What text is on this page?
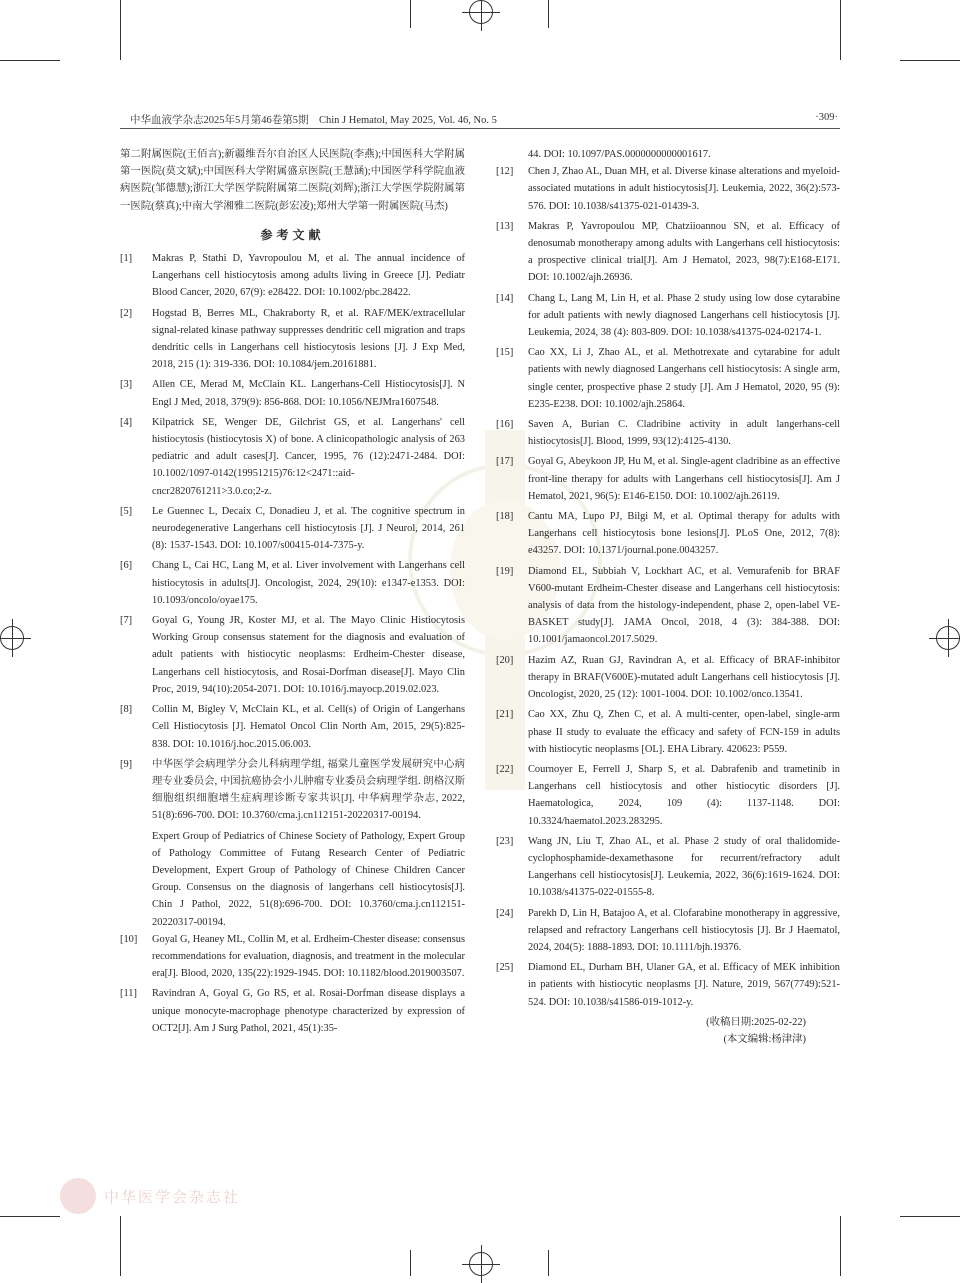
中华血液学杂志2025年5月第46卷第5期　Chin J Hematol, May 2025, Vol. 46, No. 5	·309·

第二附属医院(王佰言);新疆维吾尔自治区人民医院(李燕);中国医科大学附属第一医院(莫文斌);中国医科大学附属盛京医院(王慧涵);中国医学科学院血液病医院(邹德慧);浙江大学医学院附属第二医院(刘辉);浙江大学医学院附属第一医院(蔡真);中南大学湘雅二医院(彭宏凌);郑州大学第一附属医院(马杰)

参考文献
[1]	Makras P, Stathi D, Yavropoulou M, et al. The annual incidence of Langerhans cell histiocytosis among adults living in Greece [J]. Pediatr Blood Cancer, 2020, 67(9): e28422. DOI: 10.1002/pbc.28422.
[2]	Hogstad B, Berres ML, Chakraborty R, et al. RAF/MEK/extracellular signal-related kinase pathway suppresses dendritic cell migration and traps dendritic cells in Langerhans cell histiocytosis lesions [J]. J Exp Med, 2018, 215 (1): 319-336. DOI: 10.1084/jem.20161881.
[3]	Allen CE, Merad M, McClain KL. Langerhans-Cell Histiocytosis[J]. N Engl J Med, 2018, 379(9): 856-868. DOI: 10.1056/NEJMra1607548.
[4]	Kilpatrick SE, Wenger DE, Gilchrist GS, et al. Langerhans' cell histiocytosis (histiocytosis X) of bone. A clinicopathologic analysis of 263 pediatric and adult cases[J]. Cancer, 1995, 76 (12):2471-2484. DOI: 10.1002/1097-0142(19951215)76:12<2471::aid-cncr2820761211>3.0.co;2-z.
[5]	Le Guennec L, Decaix C, Donadieu J, et al. The cognitive spectrum in neurodegenerative Langerhans cell histiocytosis [J]. J Neurol, 2014, 261 (8): 1537-1543. DOI: 10.1007/s00415-014-7375-y.
[6]	Chang L, Cai HC, Lang M, et al. Liver involvement with Langerhans cell histiocytosis in adults[J]. Oncologist, 2024, 29(10): e1347-e1353. DOI: 10.1093/oncolo/oyae175.
[7]	Goyal G, Young JR, Koster MJ, et al. The Mayo Clinic Histiocytosis Working Group consensus statement for the diagnosis and evaluation of adult patients with histiocytic neoplasms: Erdheim-Chester disease, Langerhans cell histiocytosis, and Rosai-Dorfman disease[J]. Mayo Clin Proc, 2019, 94(10):2054-2071. DOI: 10.1016/j.mayocp.2019.02.023.
[8]	Collin M, Bigley V, McClain KL, et al. Cell(s) of Origin of Langerhans Cell Histiocytosis [J]. Hematol Oncol Clin North Am, 2015, 29(5):825-838. DOI: 10.1016/j.hoc.2015.06.003.
[9]	中华医学会病理学分会儿科病理学组, 福棠儿童医学发展研究中心病理专业委员会, 中国抗癌协会小儿肿瘤专业委员会病理学组. 朗格汉斯细胞组织细胞增生症病理诊断专家共识[J]. 中华病理学杂志, 2022, 51(8):696-700. DOI: 10.3760/cma.j.cn112151-20220317-00194.
Expert Group of Pediatrics of Chinese Society of Pathology, Expert Group of Pathology Committee of Futang Research Center of Pediatric Development, Expert Group of Pathology of Chinese Children Cancer Group. Consensus on the diagnosis of langerhans cell histiocytosis[J]. Chin J Pathol, 2022, 51(8):696-700. DOI: 10.3760/cma.j.cn112151-20220317-00194.
[10]	Goyal G, Heaney ML, Collin M, et al. Erdheim-Chester disease: consensus recommendations for evaluation, diagnosis, and treatment in the molecular era[J]. Blood, 2020, 135(22):1929-1945. DOI: 10.1182/blood.2019003507.
[11]	Ravindran A, Goyal G, Go RS, et al. Rosai-Dorfman disease displays a unique monocyte-macrophage phenotype characterized by expression of OCT2[J]. Am J Surg Pathol, 2021, 45(1):35-
44. DOI: 10.1097/PAS.0000000000001617.
[12]	Chen J, Zhao AL, Duan MH, et al. Diverse kinase alterations and myeloid-associated mutations in adult histiocytosis[J]. Leukemia, 2022, 36(2):573-576. DOI: 10.1038/s41375-021-01439-3.
[13]	Makras P, Yavropoulou MP, Chatziioannou SN, et al. Efficacy of denosumab monotherapy among adults with Langerhans cell histiocytosis: a prospective clinical trial[J]. Am J Hematol, 2023, 98(7):E168-E171. DOI: 10.1002/ajh.26936.
[14]	Chang L, Lang M, Lin H, et al. Phase 2 study using low dose cytarabine for adult patients with newly diagnosed Langerhans cell histiocytosis [J]. Leukemia, 2024, 38 (4): 803-809. DOI: 10.1038/s41375-024-02174-1.
[15]	Cao XX, Li J, Zhao AL, et al. Methotrexate and cytarabine for adult patients with newly diagnosed Langerhans cell histiocytosis: A single arm, single center, prospective phase 2 study [J]. Am J Hematol, 2020, 95 (9): E235-E238. DOI: 10.1002/ajh.25864.
[16]	Saven A, Burian C. Cladribine activity in adult langerhans-cell histiocytosis[J]. Blood, 1999, 93(12):4125-4130.
[17]	Goyal G, Abeykoon JP, Hu M, et al. Single-agent cladribine as an effective front-line therapy for adults with Langerhans cell histiocytosis[J]. Am J Hematol, 2021, 96(5): E146-E150. DOI: 10.1002/ajh.26119.
[18]	Cantu MA, Lupo PJ, Bilgi M, et al. Optimal therapy for adults with Langerhans cell histiocytosis bone lesions[J]. PLoS One, 2012, 7(8): e43257. DOI: 10.1371/journal.pone.0043257.
[19]	Diamond EL, Subbiah V, Lockhart AC, et al. Vemurafenib for BRAF V600-mutant Erdheim-Chester disease and Langerhans cell histiocytosis: analysis of data from the histology-independent, phase 2, open-label VE-BASKET study[J]. JAMA Oncol, 2018, 4 (3): 384-388. DOI: 10.1001/jamaoncol.2017.5029.
[20]	Hazim AZ, Ruan GJ, Ravindran A, et al. Efficacy of BRAF-inhibitor therapy in BRAF(V600E)-mutated adult Langerhans cell histiocytosis [J]. Oncologist, 2020, 25 (12): 1001-1004. DOI: 10.1002/onco.13541.
[21]	Cao XX, Zhu Q, Zhen C, et al. A multi-center, open-label, single-arm phase II study to evaluate the efficacy and safety of FCN-159 in adults with histiocytic neoplasms [OL]. EHA Library. 420623: P559.
[22]	Cournoyer E, Ferrell J, Sharp S, et al. Dabrafenib and trametinib in Langerhans cell histiocytosis and other histiocytic disorders [J]. Haematologica, 2024, 109 (4): 1137-1148. DOI: 10.3324/haematol.2023.283295.
[23]	Wang JN, Liu T, Zhao AL, et al. Phase 2 study of oral thalidomide-cyclophosphamide-dexamethasone for recurrent/refractory adult Langerhans cell histiocytosis[J]. Leukemia, 2022, 36(6):1619-1624. DOI: 10.1038/s41375-022-01555-8.
[24]	Parekh D, Lin H, Batajoo A, et al. Clofarabine monotherapy in aggressive, relapsed and refractory Langerhans cell histiocytosis [J]. Br J Haematol, 2024, 204(5): 1888-1893. DOI: 10.1111/bjh.19376.
[25]	Diamond EL, Durham BH, Ulaner GA, et al. Efficacy of MEK inhibition in patients with histiocytic neoplasms [J]. Nature, 2019, 567(7749):521-524. DOI: 10.1038/s41586-019-1012-y.

(收稿日期:2025-02-22)

(本文编辑:杨津津)

中华医学会杂志社
